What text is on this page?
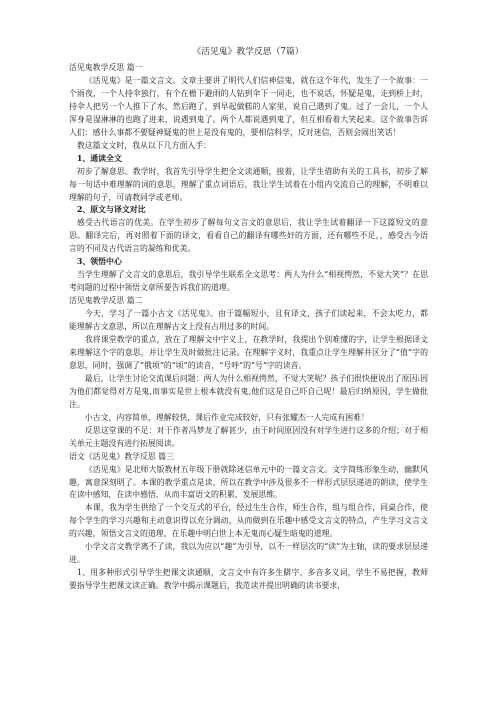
《活见鬼》教学反思（7篇）

活见鬼教学反思 篇一

《活见鬼》是一篇文言文。文章主要讲了明代人们信神信鬼，就在这个年代，发生了一个故事：一个雨夜，一个人持伞独行，有个在檐下避雨的人钻到伞下一同走，也不说话，怀疑是鬼，走到桥上时，持伞人把另一个人推下了水，然后跑了，到早起做糕的人家里，说自己遇到了鬼。过了一会儿，一个人浑身是湿淋淋的也跑了进来，说遇到鬼了。两个人都说遇到鬼了，但互相看着大笑起来。这个故事告诉人们：感什么事都不要疑神疑鬼的世上是没有鬼的，要相信科学，反对迷信，否则会闹出笑话！

教这篇文文时，我从以下几方面入手：

1、通读全文

初步了解意思。教学时，我首先引导学生把全文读通顺，接着，让学生借助有关的工具书，初步了解每一句话中难理解的词的意思，理解了重点词语后，我让学生试着在小组内交流自己的理解，不明难以理解的句子，可请教同学或老师。

2、原文与译文对比

感受古代语言的优美。在学生初步了解每句文言文的意思后，我让学生试着翻译一下这篇短文的意思。翻译完后，再对照着下面的译文，看看自己的翻译有哪些好的方面，还有哪些不足，，感受古今语言的不同及古代语言的凝练和优美。

3、领悟中心

当学生理解了文言文的意思后，我引导学生联系全文思考：两人为什么“相视愕然，不觉大笑”？在思考问题的过程中领悟文章所要告诉我们的道理。

活见鬼教学反思 篇二

今天，学习了一篇小古文《活见鬼》。由于篇幅短小，且有译文，孩子们读起来，不会太吃力，都能理解古文意思，所以在理解古文上没有占用过多的时间。

我将课堂教学的重点，放在了理解文中字义上，在教学时，我提出个别难懂的字，让学生根据译文来理解这个字的意思，并让学生及时做批注记录。在理解字义时，我重点让学生理解并区分了“值”字的意思，同时，强调了“俄顷”的“顷”的读音，“号呼”的“号”字的读音。

最后，让学生讨论交流课后问题：两人为什么相视愕然，不觉大笑呢？孩子们很快便说出了原因:因为他们都觉得对方是鬼,而事实是世上根本就没有鬼,他们这是自己吓自己呢！最后归纳原因，学生做批注。

小古文，内容简单，理解较快，课后作业完成较好，只有张耀杰一人完成有困难！

反思这堂课的不足：对于作者冯梦龙了解甚少，由于时间原因没有对学生进行这多的介绍；对于相关单元主题没有进行拓展阅读。

语文《活见鬼》教学反思 篇三

《活见鬼》是北师大版教材五年级下册就除迷信单元中的一篇文言文。文字简练形象生动，幽默风趣，寓意深刻明了。本课的教学重点是读，所以在教学中涉及很多不一样形式层层递进的朗读，使学生在读中感知，在读中感悟，从而丰富语文的积累，发展思维。

本课，我为学生供给了一个交互式的平台，经过生生合作，师生合作，组与组合作，同桌合作，使每个学生的学习兴趣和主动意识得以充分调动，从而做到在乐趣中感受文言文的特点，产生学习文言文的兴趣，领悟文言文的道理，在乐趣中明白世上本无鬼而心疑生暗鬼的道理。

小学文言文教学离不了读，我以为应以“趣”为引导，以不一样层次的“读”为主轴，读的要求层层递进。

1、用多种形式引导学生把课文读通顺，文言文中有许多生僻字、多音多义词，学生不易把握，教师要指导学生把课文读正确。教学中揭示课题后，我范读并提出明确的读书要求，
